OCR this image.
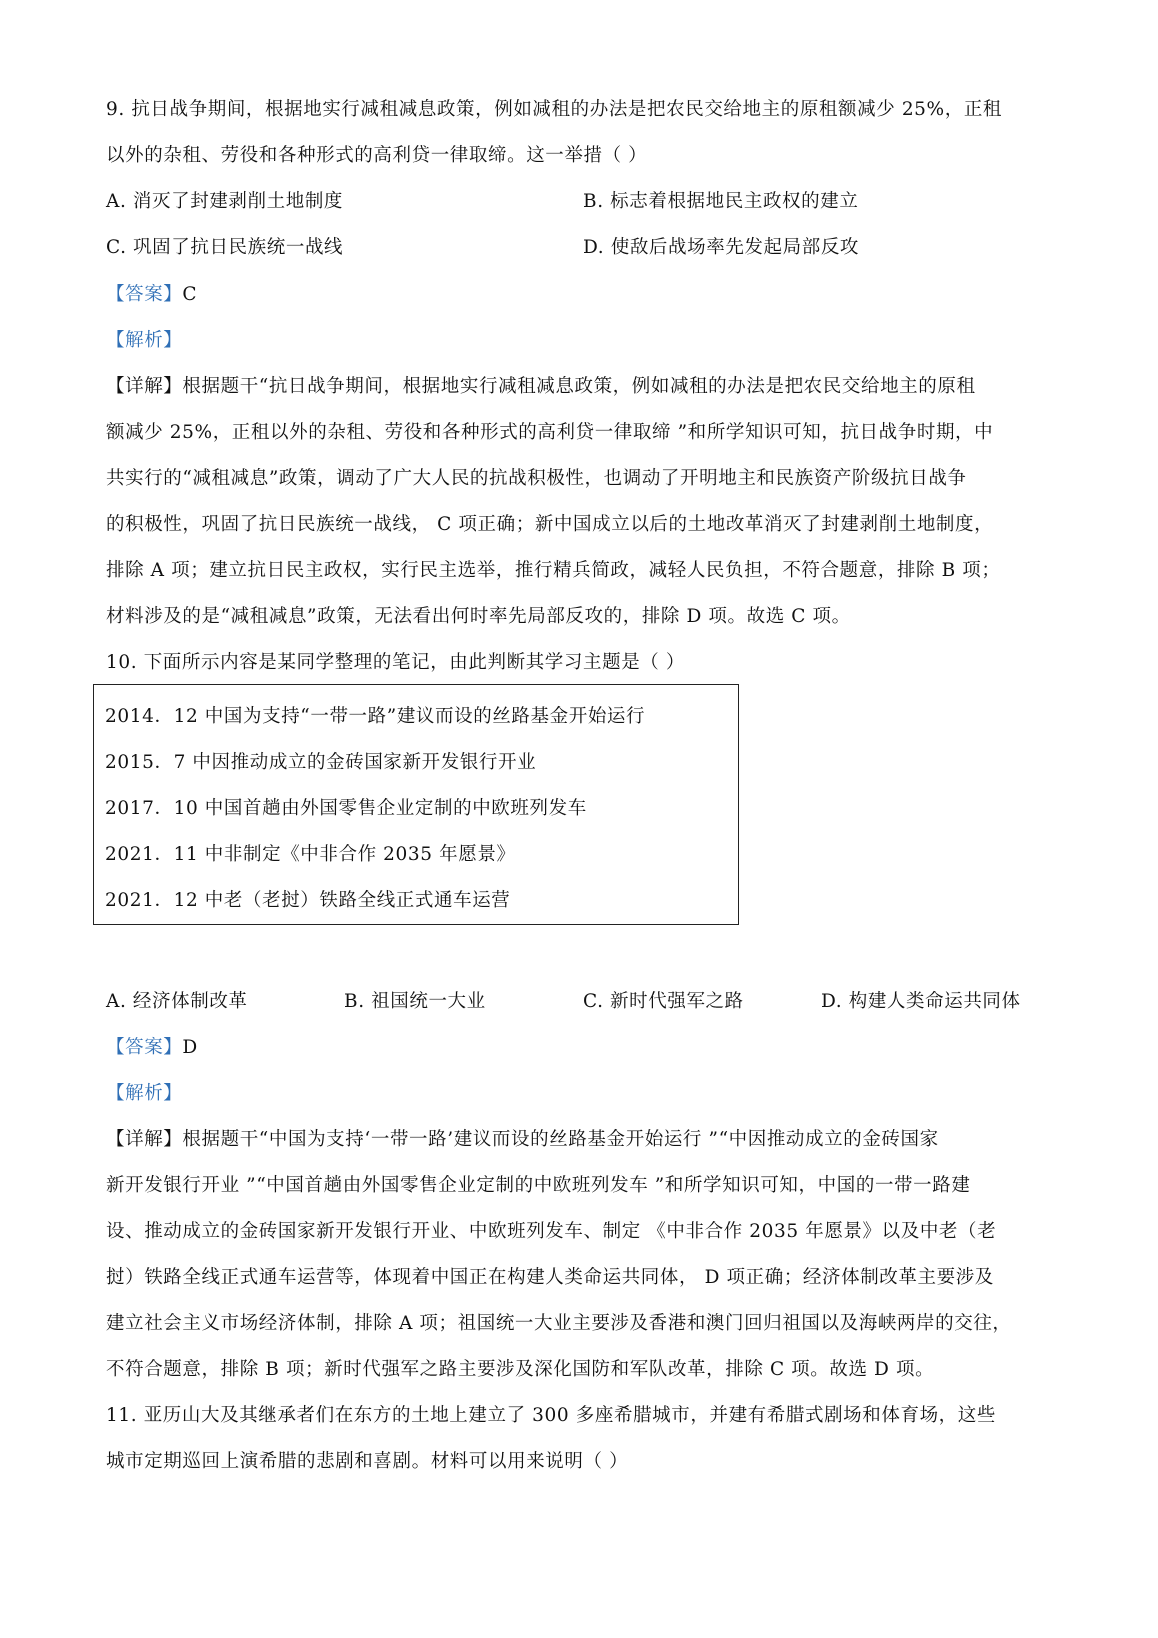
9. 抗日战争期间，根据地实行减租减息政策，例如减租的办法是把农民交给地主的原租额减少 25%，正租
以外的杂租、劳役和各种形式的高利贷一律取缔。这一举措（ ）
A. 消灭了封建剥削土地制度	B. 标志着根据地民主政权的建立
C. 巩固了抗日民族统一战线	D. 使敌后战场率先发起局部反攻
【答案】C
【解析】
【详解】根据题干“抗日战争期间，根据地实行减租减息政策，例如减租的办法是把农民交给地主的原租
额减少 25%，正租以外的杂租、劳役和各种形式的高利贷一律取缔 ”和所学知识可知，抗日战争时期，中
共实行的“减租减息”政策，调动了广大人民的抗战积极性，也调动了开明地主和民族资产阶级抗日战争
的积极性，巩固了抗日民族统一战线， C 项正确；新中国成立以后的土地改革消灭了封建剥削土地制度，
排除 A 项；建立抗日民主政权，实行民主选举，推行精兵简政，减轻人民负担，不符合题意，排除 B 项；
材料涉及的是“减租减息”政策，无法看出何时率先局部反攻的，排除 D 项。故选 C 项。
10. 下面所示内容是某同学整理的笔记，由此判断其学习主题是（ ）
2014．12 中国为支持“一带一路”建议而设的丝路基金开始运行
2015．7 中因推动成立的金砖国家新开发银行开业
2017．10 中国首趟由外国零售企业定制的中欧班列发车
2021．11 中非制定《中非合作 2035 年愿景》
2021．12 中老（老挝）铁路全线正式通车运营
A. 经济体制改革	B. 祖国统一大业	C. 新时代强军之路	D. 构建人类命运共同体
【答案】D
【解析】
【详解】根据题干“中国为支持‘一带一路’建议而设的丝路基金开始运行 ”“中因推动成立的金砖国家
新开发银行开业 ”“中国首趟由外国零售企业定制的中欧班列发车 ”和所学知识可知，中国的一带一路建
设、推动成立的金砖国家新开发银行开业、中欧班列发车、制定 《中非合作 2035 年愿景》以及中老（老
挝）铁路全线正式通车运营等，体现着中国正在构建人类命运共同体， D 项正确；经济体制改革主要涉及
建立社会主义市场经济体制，排除 A 项；祖国统一大业主要涉及香港和澳门回归祖国以及海峡两岸的交往，
不符合题意，排除 B 项；新时代强军之路主要涉及深化国防和军队改革，排除 C 项。故选 D 项。
11. 亚历山大及其继承者们在东方的土地上建立了 300 多座希腊城市，并建有希腊式剧场和体育场，这些
城市定期巡回上演希腊的悲剧和喜剧。材料可以用来说明（ ）
